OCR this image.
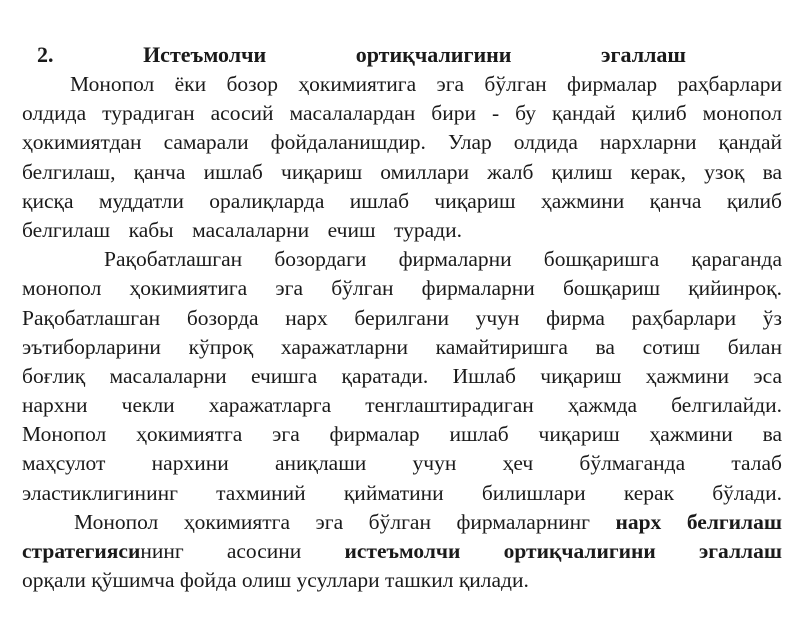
2.	Истеъмолчи	ортиқчалигини	эгаллаш
Монопол ёки бозор ҳокимиятига эга бўлган фирмалар раҳбарлари
олдида турадиган асосий масалалардан бири - бу қандай қилиб монопол
ҳокимиятдан самарали фойдаланишдир. Улар олдида нархларни қандай
белгилаш, қанча ишлаб чиқариш омиллари жалб қилиш керак, узоқ ва
қисқа муддатли оралиқларда ишлаб чиқариш ҳажмини қанча қилиб
белгилаш кабы масалаларни ечиш туради.
Рақобатлашган бозордаги фирмаларни бошқаришга қараганда
монопол ҳокимиятига эга бўлган фирмаларни бошқариш қийинроқ.
Рақобатлашган бозорда нарх берилгани учун фирма раҳбарлари ўз
эътиборларини кўпроқ харажатларни камайтиришга ва сотиш билан
боғлиқ масалаларни ечишга қаратади. Ишлаб чиқариш ҳажмини эса
нархни чекли харажатларга тенглаштирадиган ҳажмда белгилайди.
Монопол ҳокимиятга эга фирмалар ишлаб чиқариш ҳажмини ва
маҳсулот нархини аниқлаши учун ҳеч бўлмаганда талаб
эластиклигининг тахминий қийматини билишлари керак бўлади.
Монопол ҳокимиятга эга бўлган фирмаларнинг нарх белгилаш
стратегиясининг асосини истеъмолчи ортиқчалигини эгаллаш
орқали қўшимча фойда олиш усуллари ташкил қилади.
